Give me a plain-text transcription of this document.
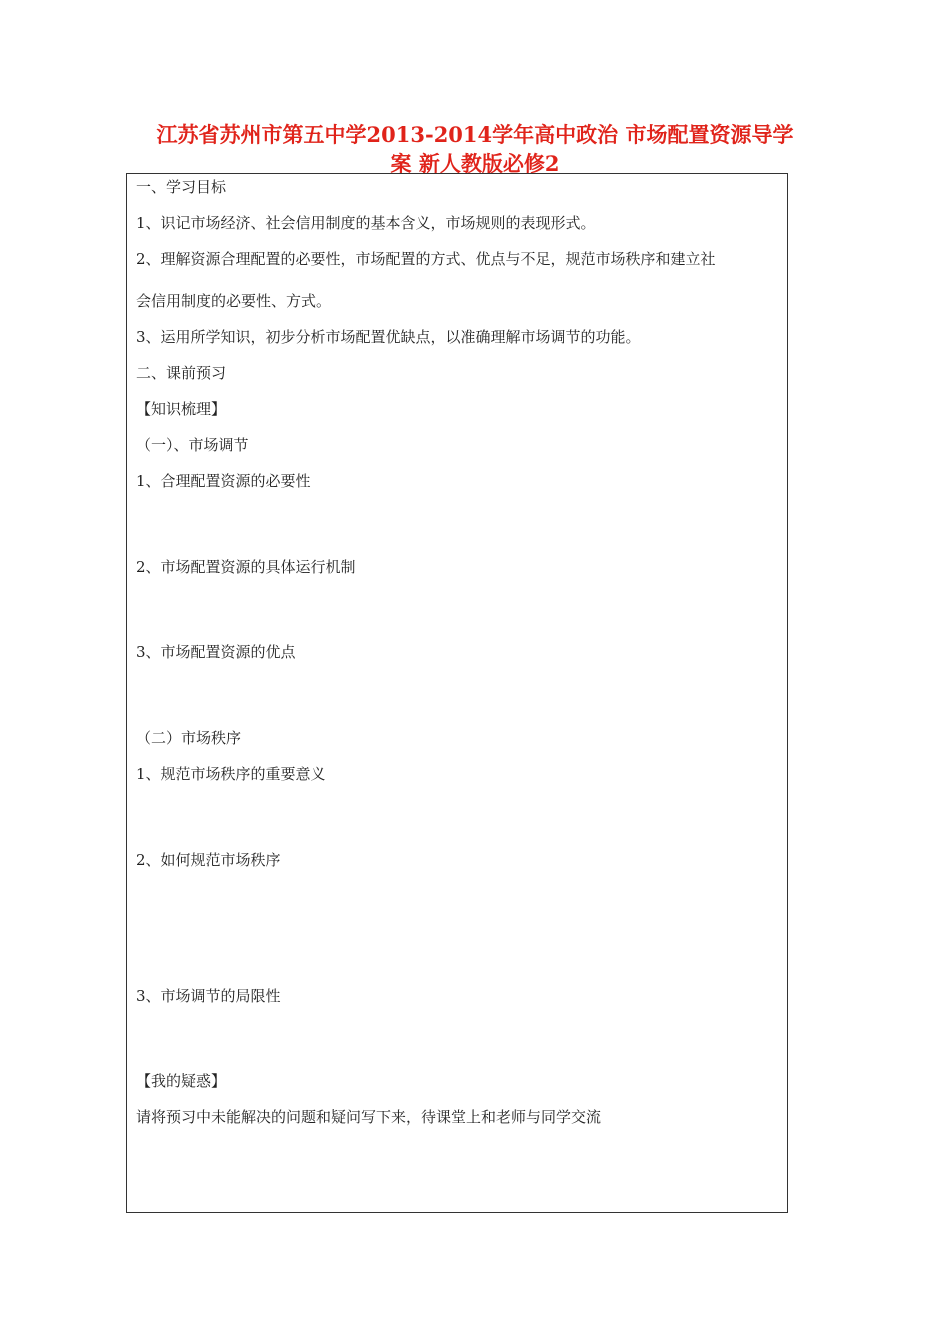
江苏省苏州市第五中学2013-2014学年高中政治 市场配置资源导学
案 新人教版必修2
一、学习目标
1、识记市场经济、社会信用制度的基本含义，市场规则的表现形式。
2、理解资源合理配置的必要性，市场配置的方式、优点与不足，规范市场秩序和建立社
会信用制度的必要性、方式。
3、运用所学知识，初步分析市场配置优缺点，以准确理解市场调节的功能。
二、课前预习
【知识梳理】
（一）、市场调节
1、合理配置资源的必要性
2、市场配置资源的具体运行机制
3、市场配置资源的优点
（二）市场秩序
1、规范市场秩序的重要意义
2、如何规范市场秩序
3、市场调节的局限性
【我的疑惑】
请将预习中未能解决的问题和疑问写下来，待课堂上和老师与同学交流
